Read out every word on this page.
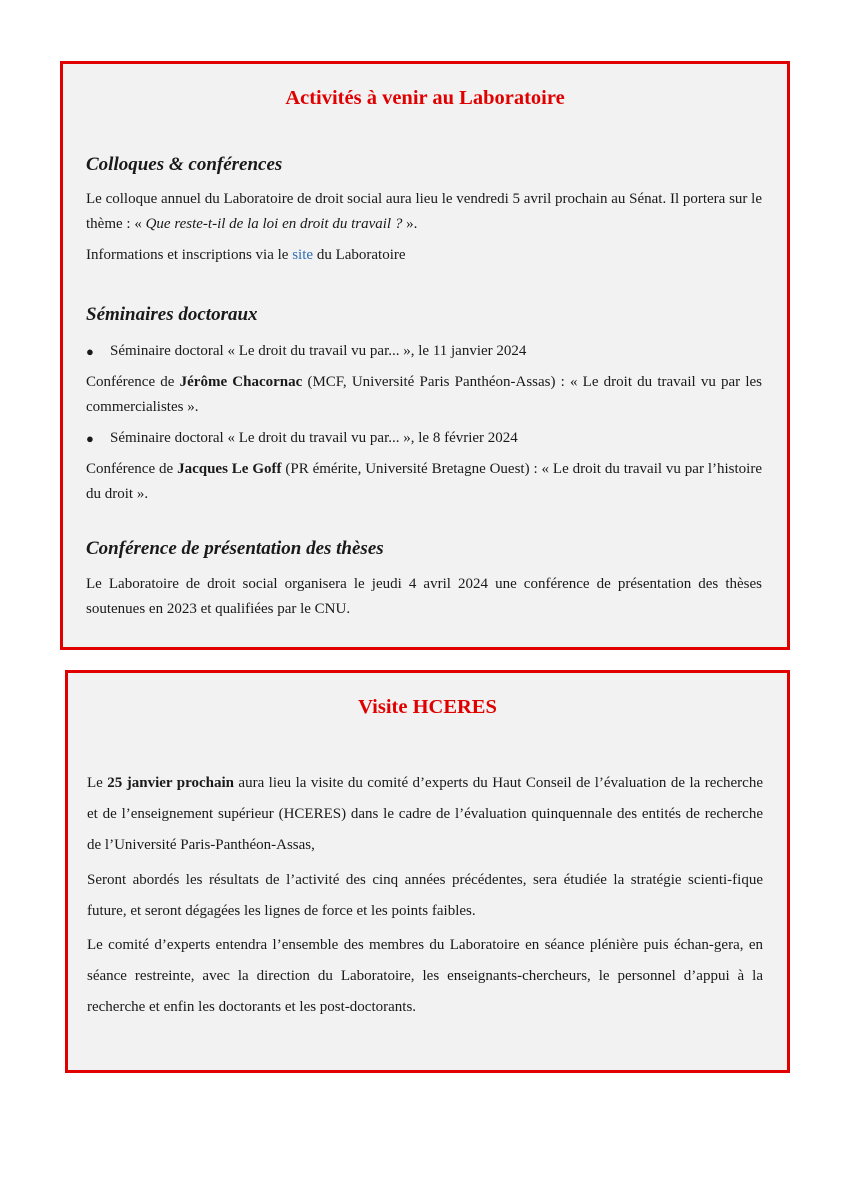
Activités à venir au Laboratoire
Colloques & conférences

Le colloque annuel du Laboratoire de droit social aura lieu le vendredi 5 avril prochain au Sénat. Il portera sur le thème : « Que reste-t-il de la loi en droit du travail ? ».

Informations et inscriptions via le site du Laboratoire

Séminaires doctoraux
● Séminaire doctoral « Le droit du travail vu par... », le 11 janvier 2024

Conférence de Jérôme Chacornac (MCF, Université Paris Panthéon-Assas) : « Le droit du travail vu par les commercialistes ».

● Séminaire doctoral « Le droit du travail vu par... », le 8 février 2024

Conférence de Jacques Le Goff (PR émérite, Université Bretagne Ouest) : « Le droit du travail vu par l’histoire du droit ».

Conférence de présentation des thèses

Le Laboratoire de droit social organisera le jeudi 4 avril 2024 une conférence de présentation des thèses soutenues en 2023 et qualifiées par le CNU.

Visite HCERES

Le 25 janvier prochain aura lieu la visite du comité d’experts du Haut Conseil de l’évaluation de la recherche et de l’enseignement supérieur (HCERES) dans le cadre de l’évaluation quinquennale des entités de recherche de l’Université Paris-Panthéon-Assas,

Seront abordés les résultats de l’activité des cinq années précédentes, sera étudiée la stratégie scienti-fique future, et seront dégagées les lignes de force et les points faibles.

Le comité d’experts entendra l’ensemble des membres du Laboratoire en séance plénière puis échan-gera, en séance restreinte, avec la direction du Laboratoire, les enseignants-chercheurs, le personnel d’appui à la recherche et enfin les doctorants et les post-doctorants.
